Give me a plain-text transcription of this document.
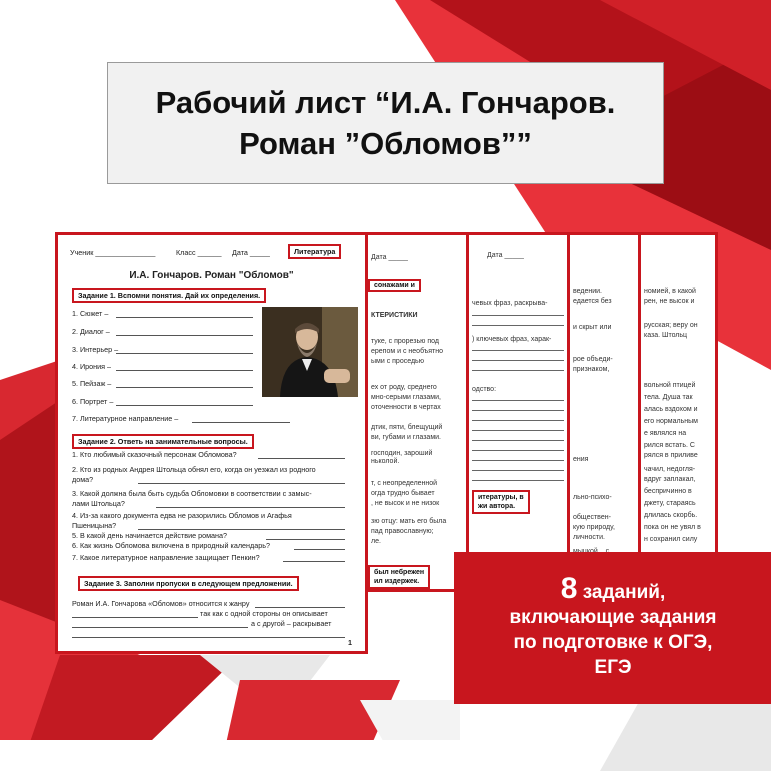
Рабочий лист “И.А. Гончаров.
Роман ”Обломов””
номией, в какой
рен, не высок и
русская; веру он
каза. Штольц
вольной птицей
тела. Душа так
алась вздохом и
его нормальным
е являлся на
рился встать. С
рялся в приливе
чачил, недогля-
вдруг заплакал,
беспричинно в
джету, стараясь
длилась скорбь.
пока он не увял в
н сохранил силу
ведении.
едается без
и скрыт или
рое объеди-
признаком,
ения
льно-психо-
обществен-
кую природу,
личности.
Дата _____
чевых фраз, раскрыва-
) ключевых фраз, харак-
одство:
итературы, в
жи автора.
Дата _____
сонажами и
КТЕРИСТИКИ
тукe, с прорезью под
ерепом и с необъятно
ыми с проседью
ех от роду, среднего
мно-серыми глазами,
оточенности в чертах
дтик, пяти, блещущий
ви, губами и глазами.
ньколой.
т, с неопределенной
огда трудно бывает
, не высок и не низок
господин, зароший
зю отцу: мать его была
пад православную;
ле.
был небрежен
ил издержек.
Ученик _______________	Класс ______ Дата _____	Литература
И.А. Гончаров. Роман "Обломов"
Задание 1. Вспомни понятия. Дай их определения.
1. Сюжет –
2. Диалог –
3. Интерьер –
4. Ирония –
5. Пейзаж –
6. Портрет –
7. Литературное направление –
Задание 2. Ответь на занимательные вопросы.
1. Кто любимый сказочный персонаж Обломова?
2. Кто из родных Андрея Штольца обнял его, когда он уезжал из родного
дома?
3. Какой должна была быть судьба Обломовки в соответствии с замыс-
лами Штольца?
4. Из-за какого документа едва не разорились Обломов и Агафья
Пшеницына?
5. В какой день начинается действие романа?
6. Как жизнь Обломова включена в природный календарь?
7. Какое литературное направление защищает Пенкин?
Задание 3. Заполни пропуски в следующем предложении.
Роман И.А. Гончарова «Обломов» относится к жанру
так как с одной стороны он описывает
а с другой – раскрывает
1
8 заданий,
включающие задания
по подготовке к ОГЭ,
ЕГЭ
